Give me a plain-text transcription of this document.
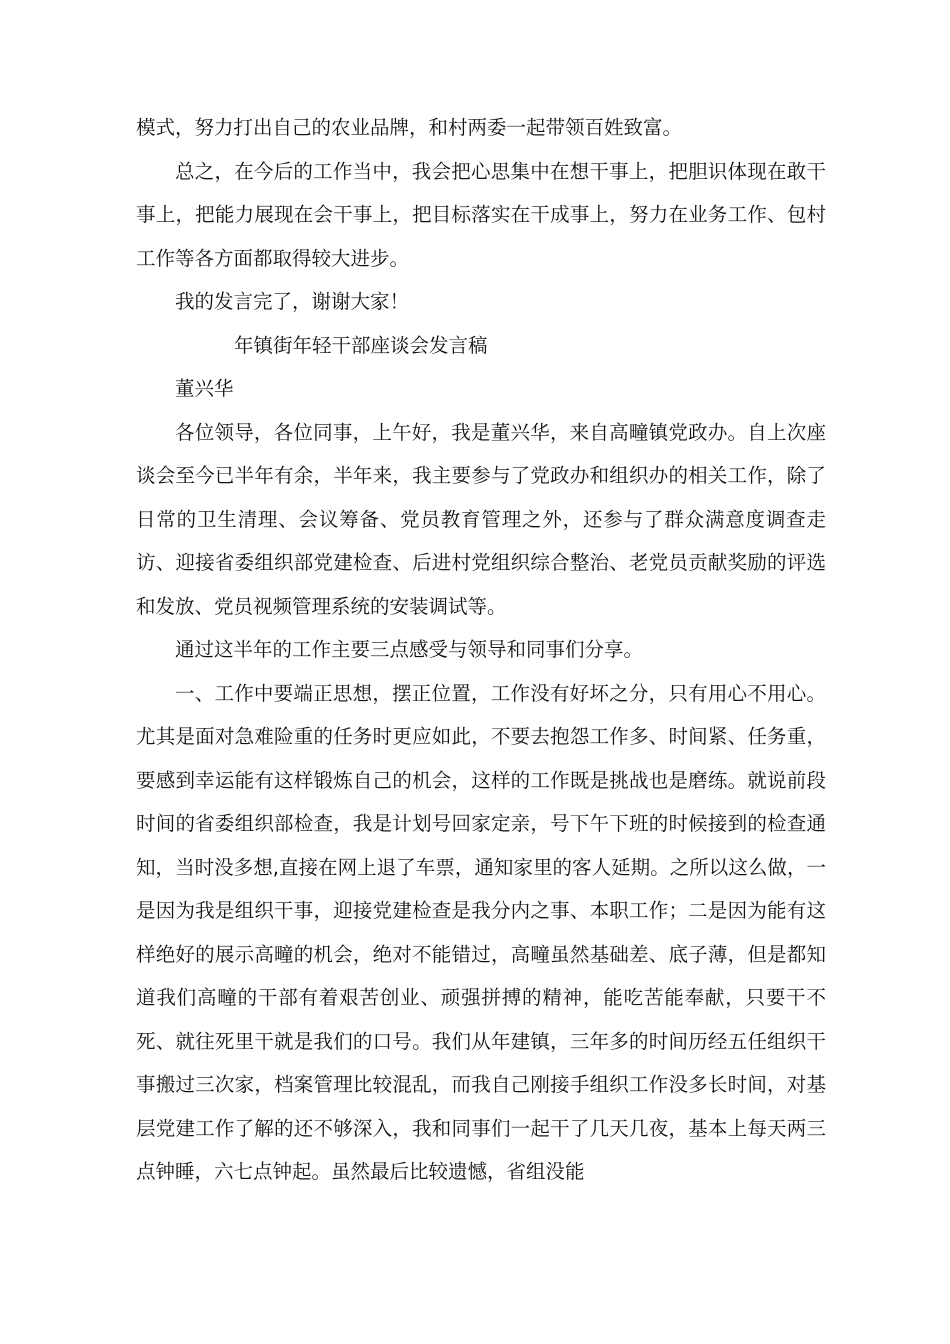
模式，努力打出自己的农业品牌，和村两委一起带领百姓致富。

总之，在今后的工作当中，我会把心思集中在想干事上，把胆识体现在敢干事上，把能力展现在会干事上，把目标落实在干成事上，努力在业务工作、包村工作等各方面都取得较大进步。

我的发言完了，谢谢大家！

年镇街年轻干部座谈会发言稿

董兴华

各位领导，各位同事，上午好，我是董兴华，来自高疃镇党政办。自上次座谈会至今已半年有余，半年来，我主要参与了党政办和组织办的相关工作，除了日常的卫生清理、会议筹备、党员教育管理之外，还参与了群众满意度调查走访、迎接省委组织部党建检查、后进村党组织综合整治、老党员贡献奖励的评选和发放、党员视频管理系统的安装调试等。

通过这半年的工作主要三点感受与领导和同事们分享。

一、工作中要端正思想，摆正位置，工作没有好坏之分，只有用心不用心。尤其是面对急难险重的任务时更应如此，不要去抱怨工作多、时间紧、任务重，要感到幸运能有这样锻炼自己的机会，这样的工作既是挑战也是磨练。就说前段时间的省委组织部检查，我是计划号回家定亲，号下午下班的时候接到的检查通知，当时没多想,直接在网上退了车票，通知家里的客人延期。之所以这么做，一是因为我是组织干事，迎接党建检查是我分内之事、本职工作；二是因为能有这样绝好的展示高疃的机会，绝对不能错过，高疃虽然基础差、底子薄，但是都知道我们高疃的干部有着艰苦创业、顽强拼搏的精神，能吃苦能奉献，只要干不死、就往死里干就是我们的口号。我们从年建镇，三年多的时间历经五任组织干事搬过三次家，档案管理比较混乱，而我自己刚接手组织工作没多长时间，对基层党建工作了解的还不够深入，我和同事们一起干了几天几夜，基本上每天两三点钟睡，六七点钟起。虽然最后比较遗憾，省组没能
